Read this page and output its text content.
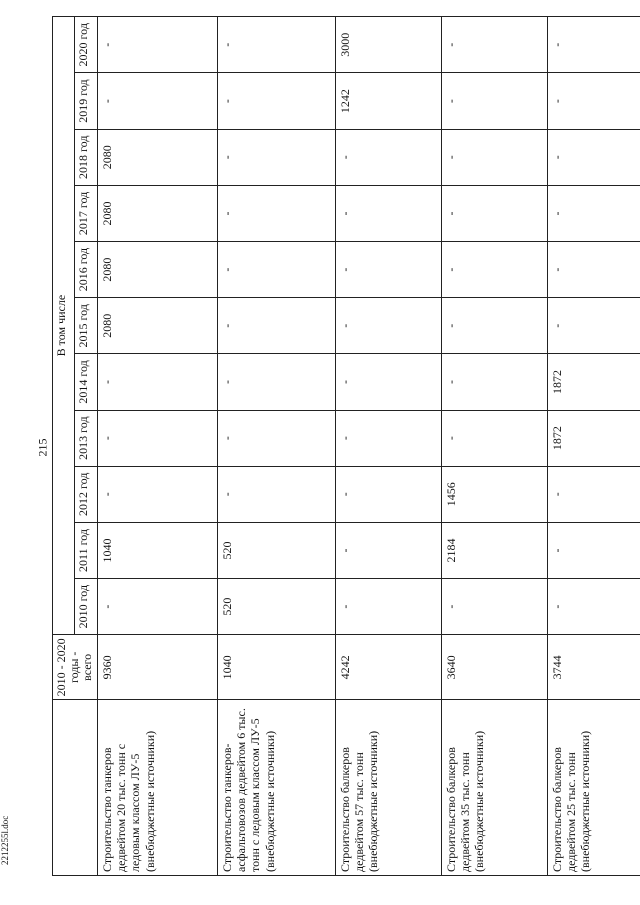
215
	2010 - 2020 годы - всего	В том числе										
		2010 год	2011 год	2012 год	2013 год	2014 год	2015 год	2016 год	2017 год	2018 год	2019 год	2020 год
Строительство танкеров дедвейтом 20 тыс. тонн с ледовым классом ЛУ-5 (внебюджетные источники)	9360	-	1040	-	-	-	2080	2080	2080	2080	-	-
Строительство танкеров-асфальтовозов дедвейтом 6 тыс. тонн с ледовым классом ЛУ-5 (внебюджетные источники)	1040	520	520	-	-	-	-	-	-	-	-	-
Строительство балкеров дедвейтом 57 тыс. тонн (внебюджетные источники)	4242	-	-	-	-	-	-	-	-	-	1242	3000
Строительство балкеров дедвейтом 35 тыс. тонн (внебюджетные источники)	3640	-	2184	1456	-	-	-	-	-	-	-	-
Строительство балкеров дедвейтом 25 тыс. тонн (внебюджетные источники)	3744	-	-	-	1872	1872	-	-	-	-	-	-
2212255l.doc
